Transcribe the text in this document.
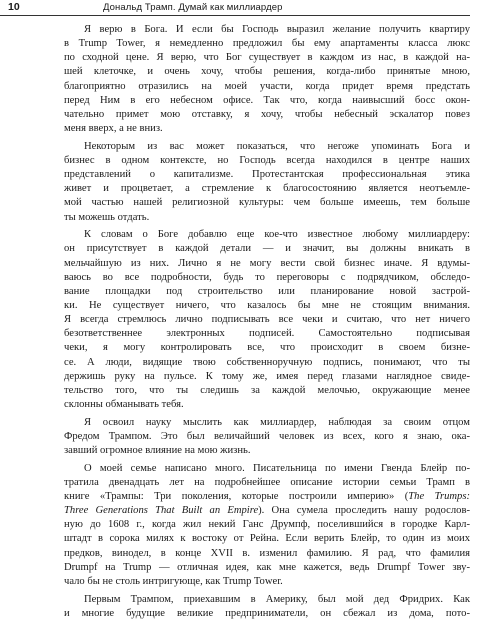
10	Дональд Трамп. Думай как миллиардер

Я верю в Бога. И если бы Господь выразил желание получить квартиру
в Trump Tower, я немедленно предложил бы ему апартаменты класса люкс
по сходной цене. Я верю, что Бог существует в каждом из нас, в каждой на-
шей клеточке, и очень хочу, чтобы решения, когда-либо принятые мною,
благоприятно отразились на моей участи, когда придет время предстать
перед Ним в его небесном офисе. Так что, когда наивысший босс окон-
чательно примет мою отставку, я хочу, чтобы небесный эскалатор повез
меня вверх, а не вниз.

Некоторым из вас может показаться, что негоже упоминать Бога и
бизнес в одном контексте, но Господь всегда находился в центре наших
представлений о капитализме. Протестантская профессиональная этика
живет и процветает, а стремление к благосостоянию является неотъемле-
мой частью нашей религиозной культуры: чем больше имеешь, тем больше
ты можешь отдать.

К словам о Боге добавлю еще кое-что известное любому миллиардеру:
он присутствует в каждой детали — и значит, вы должны вникать в
мельчайшую из них. Лично я не могу вести свой бизнес иначе. Я вдумы-
ваюсь во все подробности, будь то переговоры с подрядчиком, обследо-
вание площадки под строительство или планирование новой застрой-
ки. Не существует ничего, что казалось бы мне не стоящим внимания.
Я всегда стремлюсь лично подписывать все чеки и считаю, что нет ничего
безответственнее электронных подписей. Самостоятельно подписывая
чеки, я могу контролировать все, что происходит в своем бизне-
се. А люди, видящие твою собственноручную подпись, понимают, что ты
держишь руку на пульсе. К тому же, имея перед глазами наглядное свиде-
тельство того, что ты следишь за каждой мелочью, окружающие менее
склонны обманывать тебя.

Я освоил науку мыслить как миллиардер, наблюдая за своим отцом
Фредом Трампом. Это был величайший человек из всех, кого я знаю, ока-
завший огромное влияние на мою жизнь.

О моей семье написано много. Писательница по имени Гвенда Блейр по-
тратила двенадцать лет на подробнейшее описание истории семьи Трамп в
книге «Трампы: Три поколения, которые построили империю» (The Trumps:
Three Generations That Built an Empire). Она сумела проследить нашу родослов-
ную до 1608 г., когда жил некий Ганс Друмпф, поселившийся в городке Карл-
штадт в сорока милях к востоку от Рейна. Если верить Блейр, то один из моих
предков, винодел, в конце XVII в. изменил фамилию. Я рад, что фамилия
Drumpf на Trump — отличная идея, как мне кажется, ведь Drumpf Tower зву-
чало бы не столь интригующе, как Trump Tower.

Первым Трампом, приехавшим в Америку, был мой дед Фридрих. Как
и многие будущие великие предприниматели, он сбежал из дома, пото-
